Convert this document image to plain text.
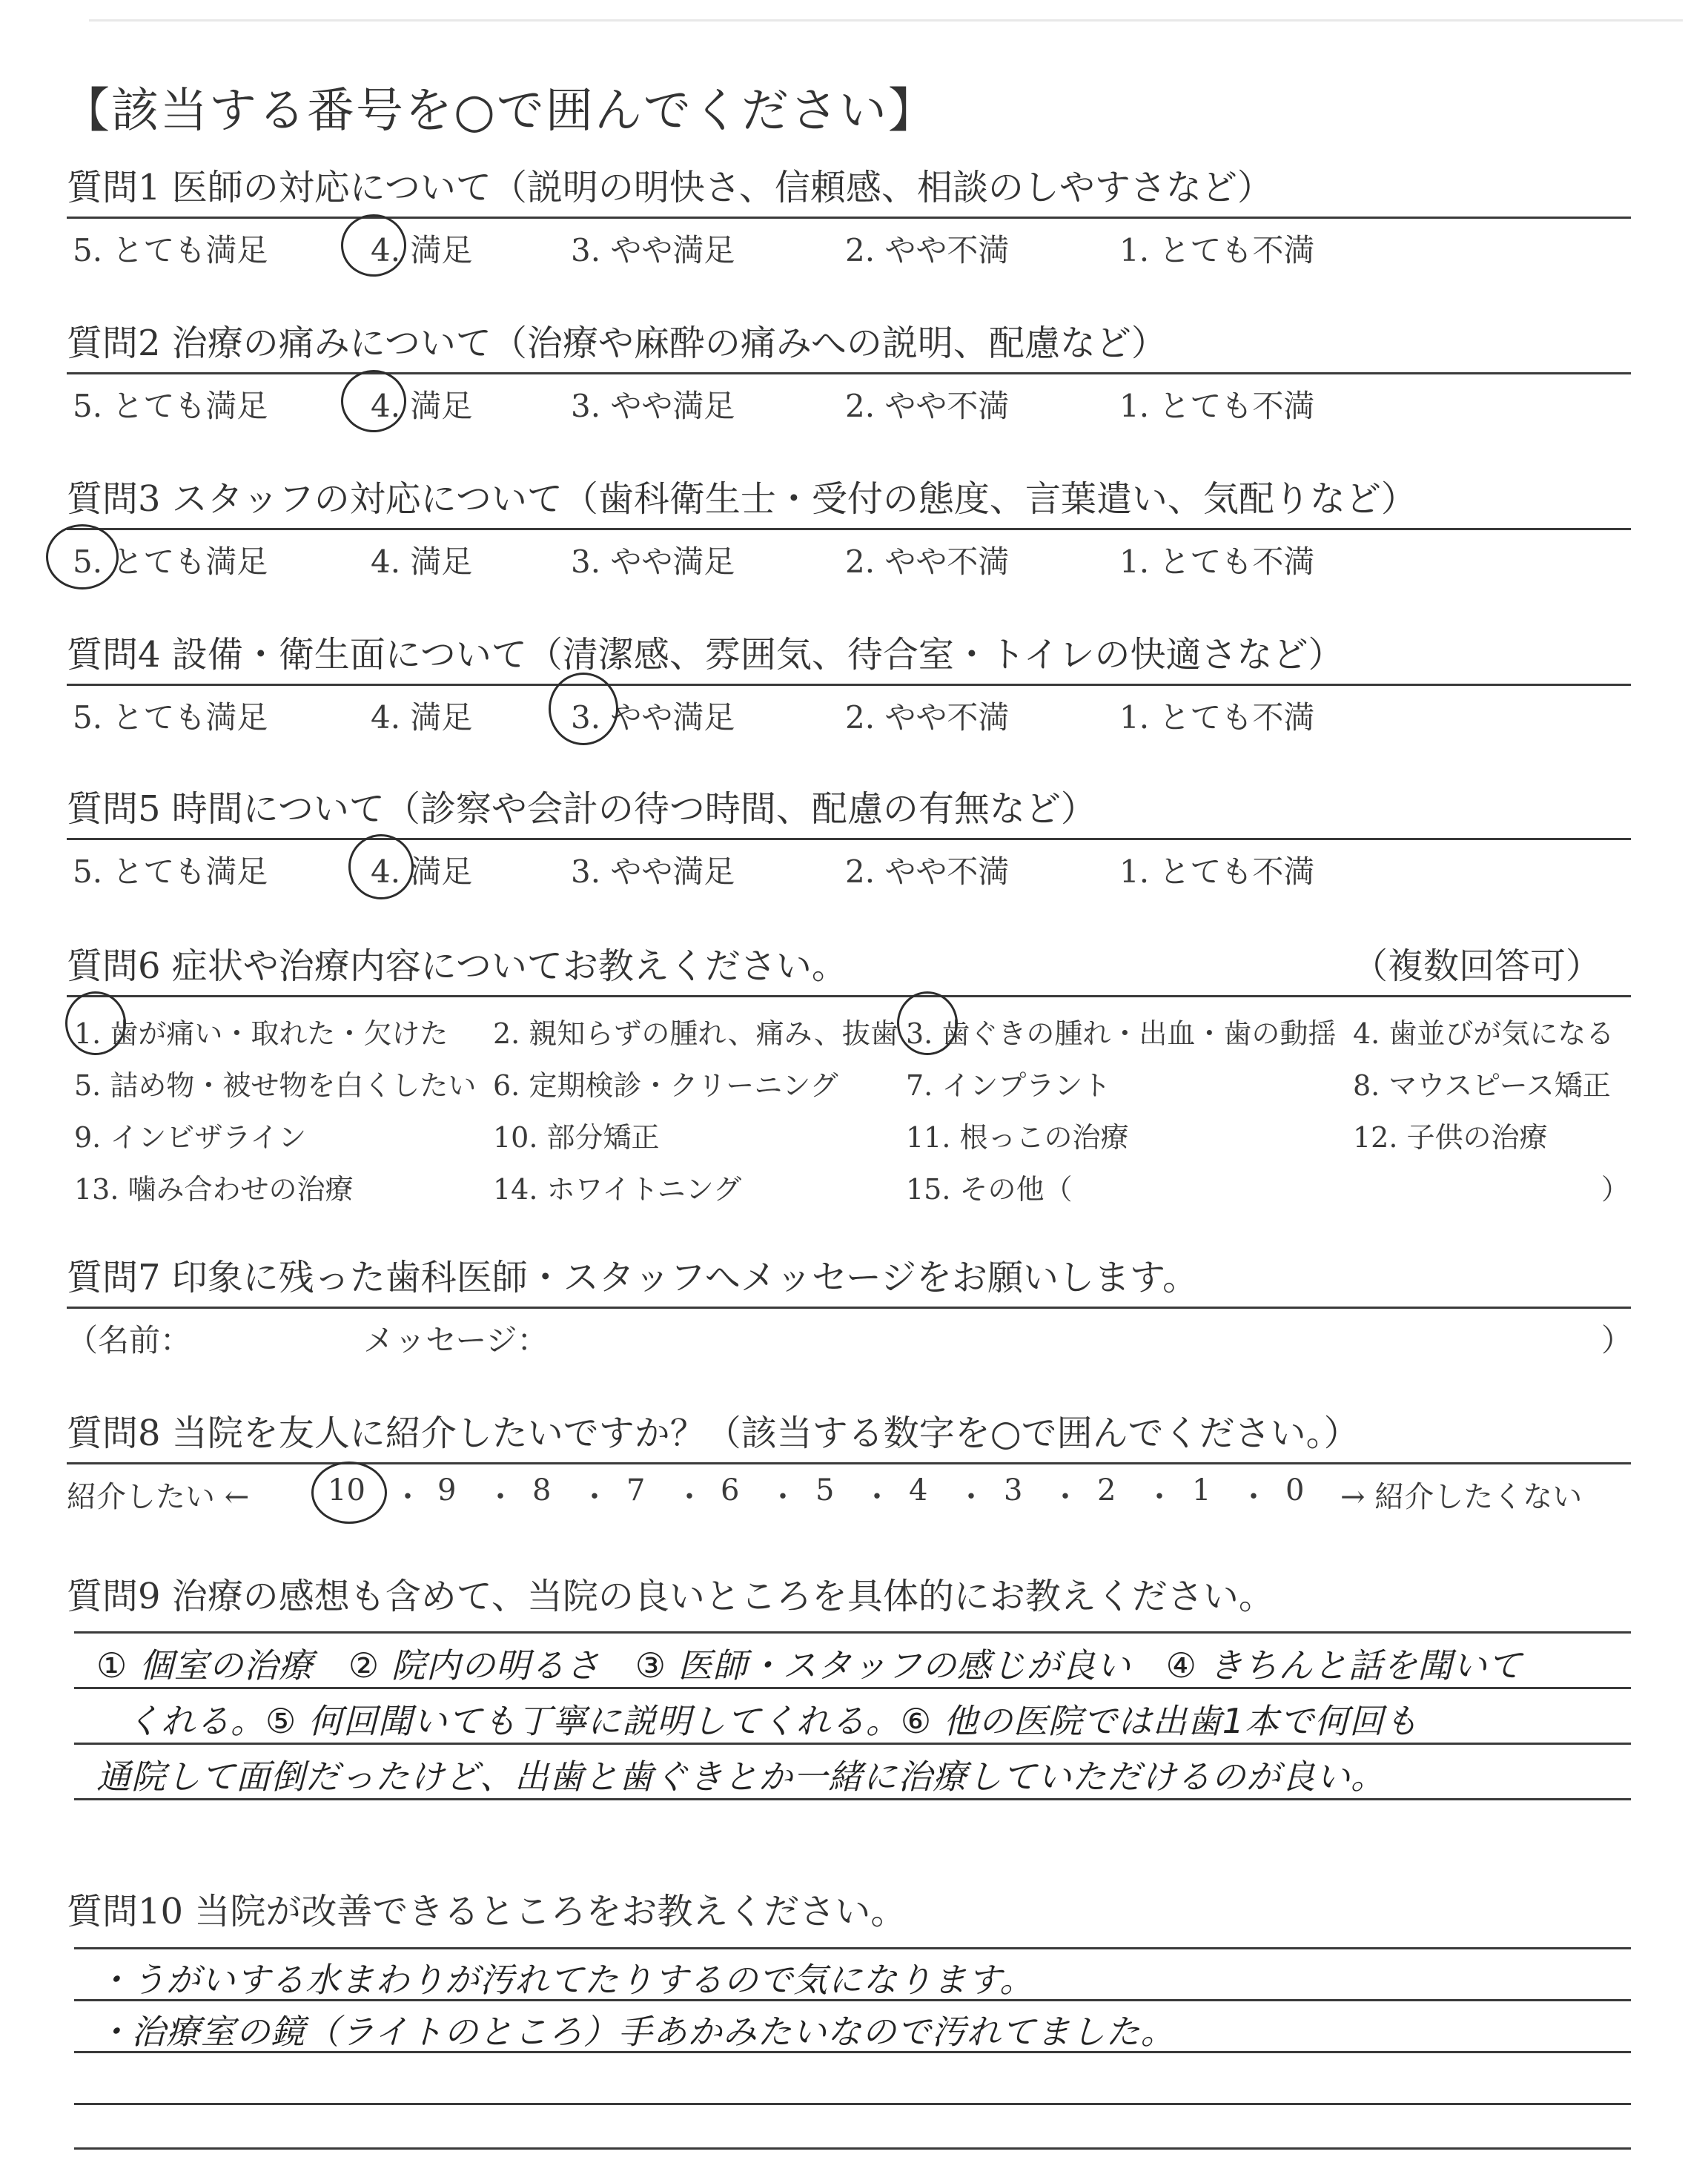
【該当する番号を○で囲んでください】
質問1 医師の対応について（説明の明快さ、信頼感、相談のしやすさなど）
5. とても満足	4. 満足	3. やや満足	2. やや不満	1. とても不満
質問2 治療の痛みについて（治療や麻酔の痛みへの説明、配慮など）
5. とても満足	4. 満足	3. やや満足	2. やや不満	1. とても不満
質問3 スタッフの対応について（歯科衛生士・受付の態度、言葉遣い、気配りなど）
5. とても満足	4. 満足	3. やや満足	2. やや不満	1. とても不満
質問4 設備・衛生面について（清潔感、雰囲気、待合室・トイレの快適さなど）
5. とても満足	4. 満足	3. やや満足	2. やや不満	1. とても不満
質問5 時間について（診察や会計の待つ時間、配慮の有無など）
5. とても満足	4. 満足	3. やや満足	2. やや不満	1. とても不満
質問6 症状や治療内容についてお教えください。	（複数回答可）
1. 歯が痛い・取れた・欠けた 2. 親知らずの腫れ、痛み、抜歯 3. 歯ぐきの腫れ・出血・歯の動揺 4. 歯並びが気になる
5. 詰め物・被せ物を白くしたい 6. 定期検診・クリーニング 7. インプラント	8. マウスピース矯正
9. インビザライン	10. 部分矯正	11. 根っこの治療	12. 子供の治療
13. 噛み合わせの治療	14. ホワイトニング	15. その他（	）
質問7 印象に残った歯科医師・スタッフへメッセージをお願いします。
（名前：	メッセージ：	）
質問8 当院を友人に紹介したいですか？（該当する数字を○で囲んでください。）
紹介したい ←	10 ・ 9 ・ 8 ・ 7 ・ 6 ・ 5 ・ 4 ・ 3 ・ 2 ・ 1 ・ 0 → 紹介したくない
質問9 治療の感想も含めて、当院の良いところを具体的にお教えください。
① 個室の治療　② 院内の明るさ　③ 医師・スタッフの感じが良い　④ きちんと話を聞いて
くれる。⑤ 何回聞いても丁寧に説明してくれる。⑥ 他の医院では出歯1本で何回も
通院して面倒だったけど、出歯と歯ぐきとか一緒に治療していただけるのが良い。
質問10 当院が改善できるところをお教えください。
・うがいする水まわりが汚れてたりするので気になります。
・治療室の鏡（ライトのところ）手あかみたいなので汚れてました。
